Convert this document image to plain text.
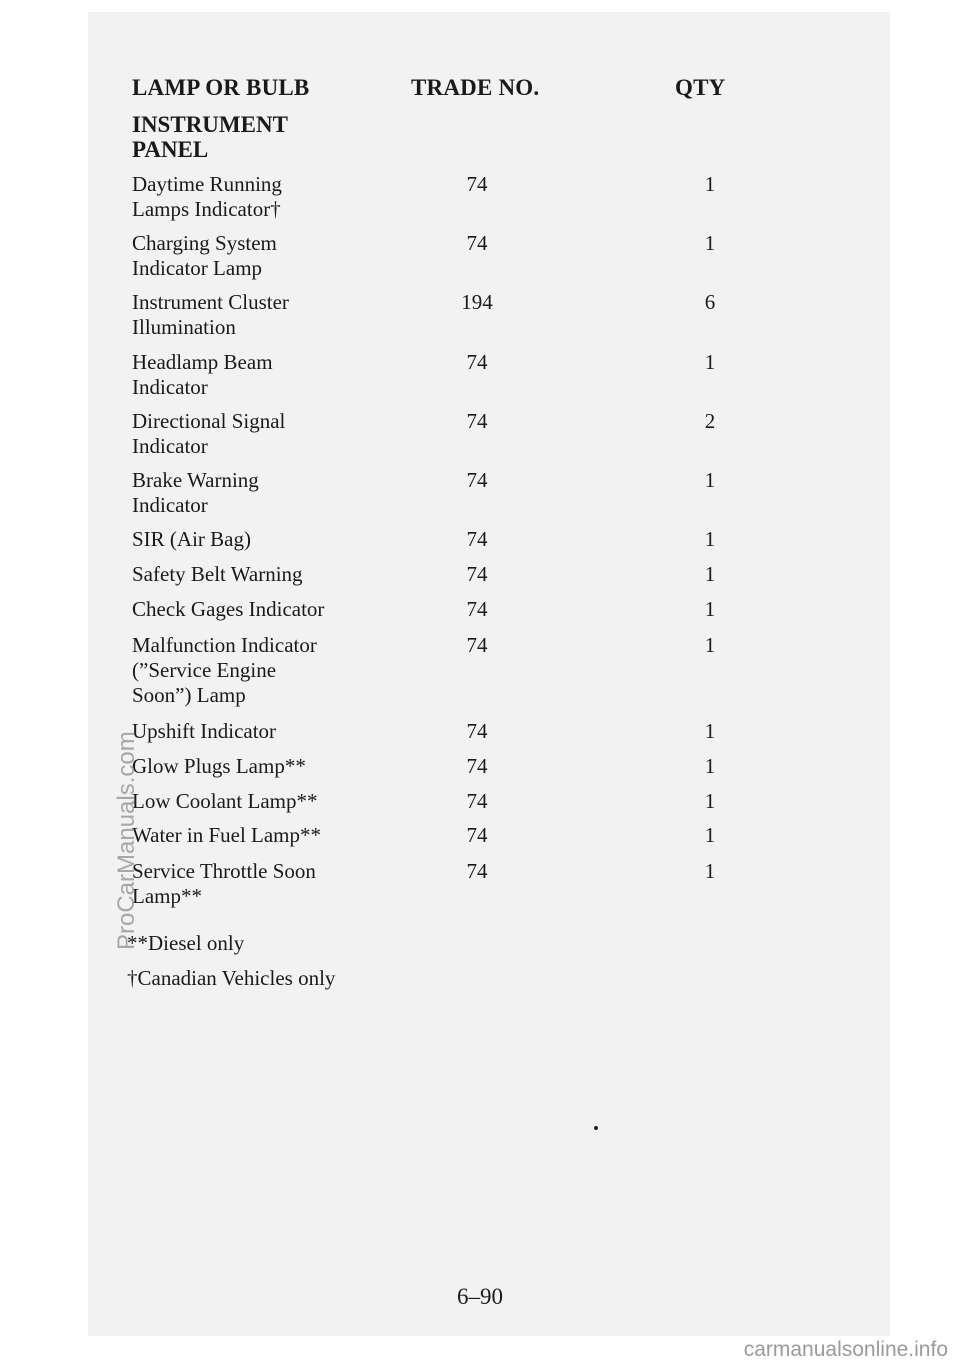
LAMP OR BULB	TRADE NO.	QTY
INSTRUMENT
PANEL
Daytime Running
Lamps Indicator†
74	1
Charging System
Indicator Lamp
74	1
Instrument Cluster
Illumination
194	6
Headlamp Beam
Indicator
74	1
Directional Signal
Indicator
74	2
Brake Warning
Indicator
74	1
SIR (Air Bag)	74	1
Safety Belt Warning	74	1
Check Gages Indicator	74	1
Malfunction Indicator
(”Service Engine
Soon”) Lamp
74	1
Upshift Indicator	74	1
Glow Plugs Lamp**	74	1
Low Coolant Lamp**	74	1
Water in Fuel Lamp**	74	1
Service Throttle Soon
Lamp**
74	1
**Diesel only
†Canadian Vehicles only
6–90
ProCarManuals.com
carmanualsonline.info
